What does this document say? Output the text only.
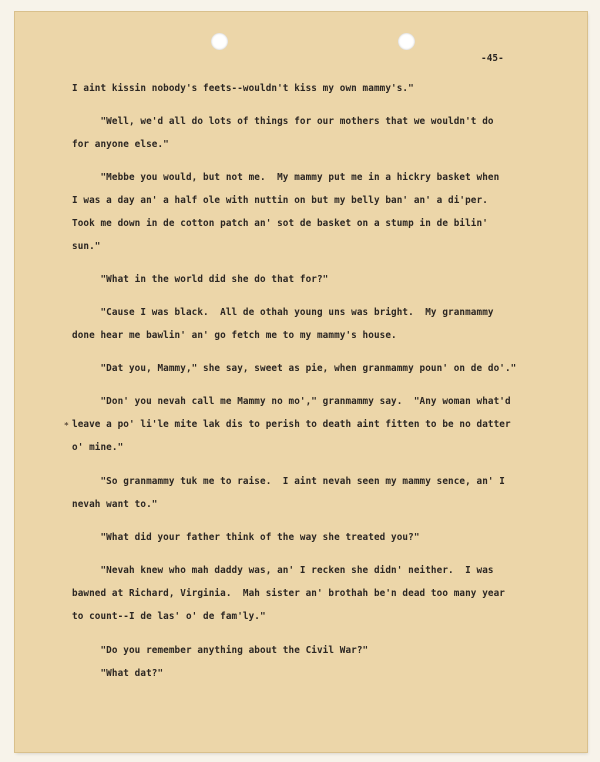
-45-
*
I aint kissin nobody's feets--wouldn't kiss my own mammy's."
"Well, we'd all do lots of things for our mothers that we wouldn't do
for anyone else."
"Mebbe you would, but not me.  My mammy put me in a hickry basket when
I was a day an' a half ole with nuttin on but my belly ban' an' a di'per.
Took me down in de cotton patch an' sot de basket on a stump in de bilin'
sun."
"What in the world did she do that for?"
"Cause I was black.  All de othah young uns was bright.  My granmammy
done hear me bawlin' an' go fetch me to my mammy's house.
"Dat you, Mammy," she say, sweet as pie, when granmammy poun' on de do'."
"Don' you nevah call me Mammy no mo'," granmammy say.  "Any woman what'd
leave a po' li'le mite lak dis to perish to death aint fitten to be no datter
o' mine."
"So granmammy tuk me to raise.  I aint nevah seen my mammy sence, an' I
nevah want to."
"What did your father think of the way she treated you?"
"Nevah knew who mah daddy was, an' I recken she didn' neither.  I was
bawned at Richard, Virginia.  Mah sister an' brothah be'n dead too many year
to count--I de las' o' de fam'ly."
"Do you remember anything about the Civil War?"
"What dat?"
